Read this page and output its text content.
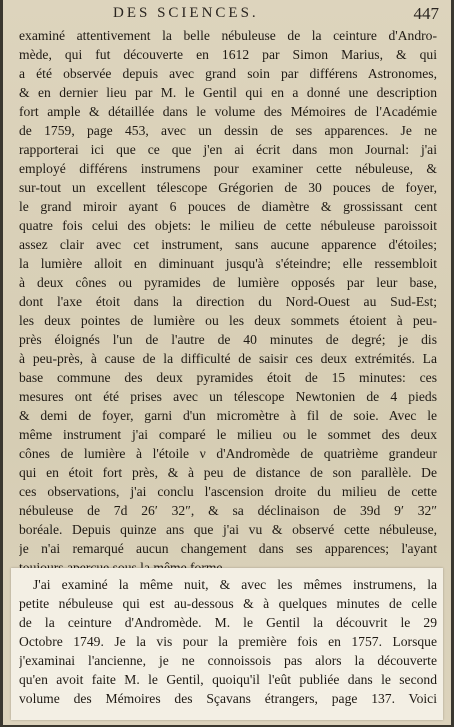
DES SCIENCES.	447
examiné attentivement la belle nébuleuse de la ceinture d'Andro-
mède, qui fut découverte en 1612 par Simon Marius, & qui
a été observée depuis avec grand soin par différens Astronomes,
& en dernier lieu par M. le Gentil qui en a donné une description
fort ample & détaillée dans le volume des Mémoires de l'Académie
de 1759, page 453, avec un dessin de ses apparences. Je ne
rapporterai ici que ce que j'en ai écrit dans mon Journal: j'ai
employé différens instrumens pour examiner cette nébuleuse, &
sur-tout un excellent télescope Grégorien de 30 pouces de foyer,
le grand miroir ayant 6 pouces de diamètre & grossissant cent
quatre fois celui des objets: le milieu de cette nébuleuse paroissoit
assez clair avec cet instrument, sans aucune apparence d'étoiles;
la lumière alloit en diminuant jusqu'à s'éteindre; elle ressembloit
à deux cônes ou pyramides de lumière opposés par leur base,
dont l'axe étoit dans la direction du Nord-Ouest au Sud-Est;
les deux pointes de lumière ou les deux sommets étoient à peu-
près éloignés l'un de l'autre de 40 minutes de degré; je dis
à peu-près, à cause de la difficulté de saisir ces deux extrémités. La
base commune des deux pyramides étoit de 15 minutes: ces
mesures ont été prises avec un télescope Newtonien de 4 pieds
& demi de foyer, garni d'un micromètre à fil de soie. Avec le
même instrument j'ai comparé le milieu ou le sommet des deux
cônes de lumière à l'étoile ν d'Andromède de quatrième grandeur
qui en étoit fort près, & à peu de distance de son parallèle. De
ces observations, j'ai conclu l'ascension droite du milieu de cette
nébuleuse de 7d 26′ 32″, & sa déclinaison de 39d 9′ 32″
boréale. Depuis quinze ans que j'ai vu & observé cette nébuleuse,
je n'ai remarqué aucun changement dans ses apparences; l'ayant
J'ai examiné la même nuit, & avec les mêmes instrumens, la
petite nébuleuse qui est au-dessous & à quelques minutes de celle
de la ceinture d'Andromède. M. le Gentil la découvrit le 29
Octobre 1749. Je la vis pour la première fois en 1757. Lorsque
j'examinai l'ancienne, je ne connoissois pas alors la découverte
qu'en avoit faite M. le Gentil, quoiqu'il l'eût publiée dans le second
volume des Mémoires des Sçavans étrangers, page 137. Voici
